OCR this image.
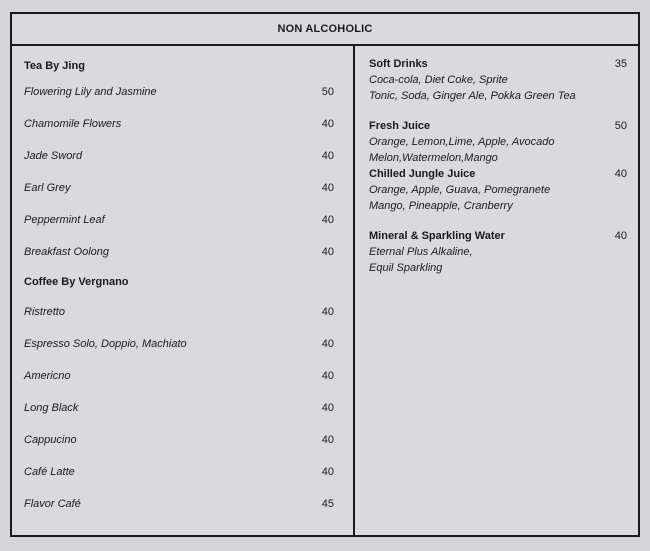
NON ALCOHOLIC
Tea By Jing
Flowering Lily and Jasmine	50
Chamomile Flowers	40
Jade Sword	40
Earl Grey	40
Peppermint Leaf	40
Breakfast Oolong	40
Coffee By Vergnano
Ristretto	40
Espresso Solo, Doppio, Machiato	40
Americno	40
Long Black	40
Cappucino	40
Café Latte	40
Flavor Café	45
Soft Drinks	35
Coca-cola, Diet Coke, Sprite
Tonic, Soda, Ginger Ale, Pokka Green Tea
Fresh Juice	50
Orange, Lemon,Lime, Apple, Avocado
Melon,Watermelon,Mango
Chilled Jungle Juice	40
Orange, Apple, Guava, Pomegranete
Mango, Pineapple, Cranberry
Mineral & Sparkling Water	40
Eternal Plus Alkaline,
Equil Sparkling
